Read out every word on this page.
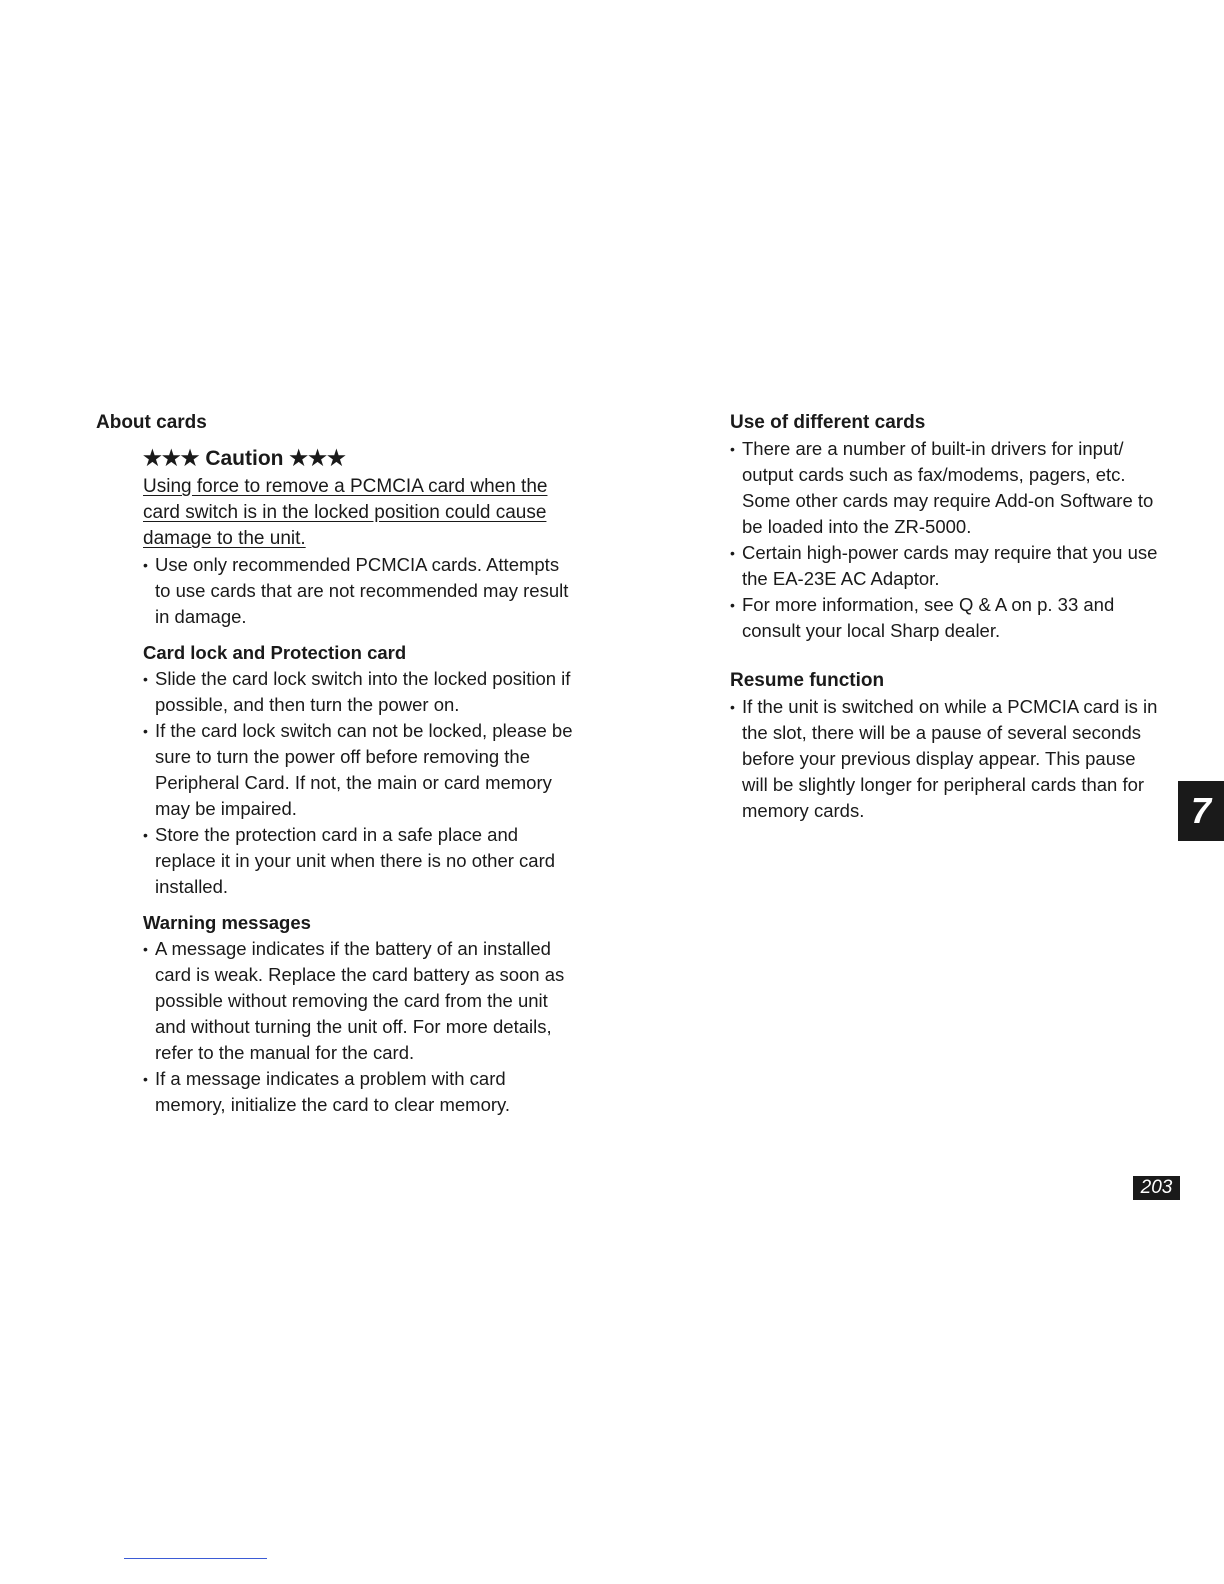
About cards
★★★ Caution ★★★
Using force to remove a PCMCIA card when the card switch is in the locked position could cause damage to the unit.
• Use only recommended PCMCIA cards. Attempts to use cards that are not recommended may result in damage.
Card lock and Protection card
• Slide the card lock switch into the locked position if possible, and then turn the power on.
• If the card lock switch can not be locked, please be sure to turn the power off before removing the Peripheral Card. If not, the main or card memory may be impaired.
• Store the protection card in a safe place and replace it in your unit when there is no other card installed.
Warning messages
• A message indicates if the battery of an installed card is weak. Replace the card battery as soon as possible without removing the card from the unit and without turning the unit off. For more details, refer to the manual for the card.
• If a message indicates a problem with card memory, initialize the card to clear memory.
Use of different cards
• There are a number of built-in drivers for input/ output cards such as fax/modems, pagers, etc. Some other cards may require Add-on Software to be loaded into the ZR-5000.
• Certain high-power cards may require that you use the EA-23E AC Adaptor.
• For more information, see Q & A on p. 33 and consult your local Sharp dealer.
Resume function
• If the unit is switched on while a PCMCIA card is in the slot, there will be a pause of several seconds before your previous display appear. This pause will be slightly longer for peripheral cards than for memory cards.	7
203
